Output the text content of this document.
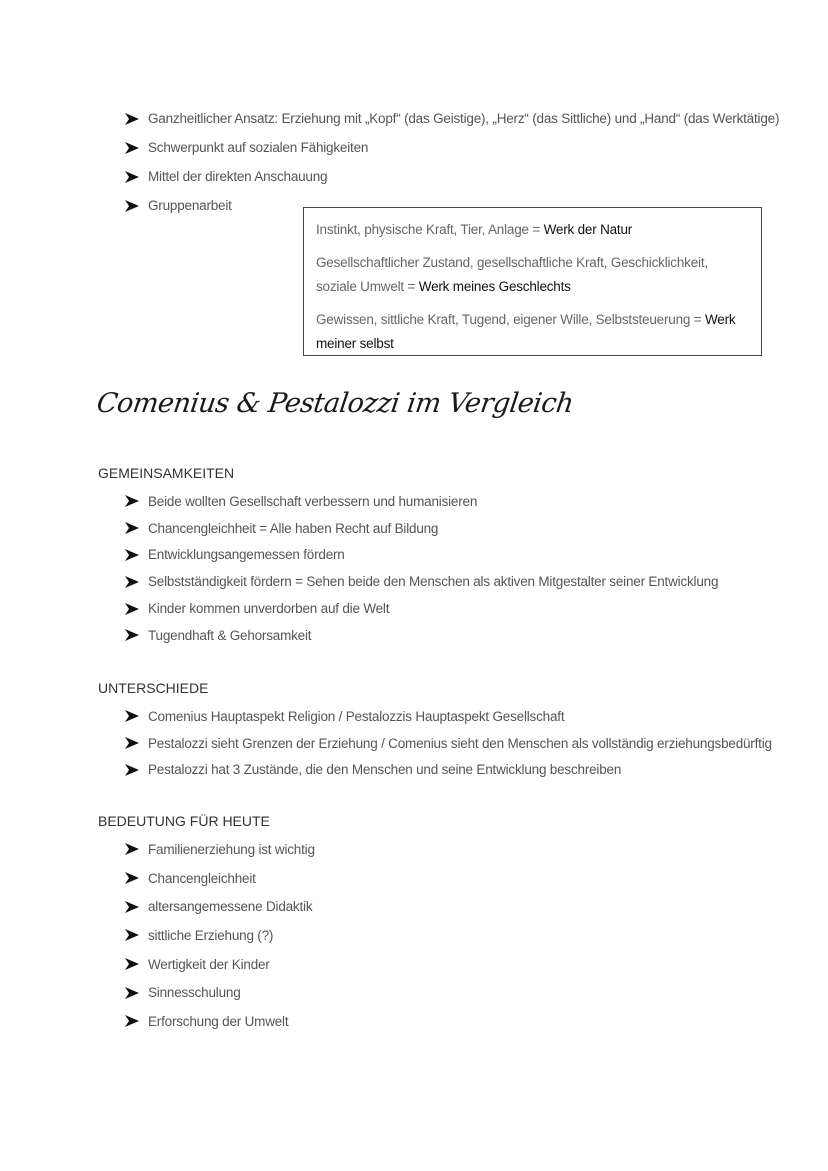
Ganzheitlicher Ansatz: Erziehung mit „Kopf“ (das Geistige), „Herz“ (das Sittliche) und „Hand“ (das Werktätige)
Schwerpunkt auf sozialen Fähigkeiten
Mittel der direkten Anschauung
Gruppenarbeit

Instinkt, physische Kraft, Tier, Anlage = Werk der Natur

Gesellschaftlicher Zustand, gesellschaftliche Kraft, Geschicklichkeit, soziale Umwelt = Werk meines Geschlechts

Gewissen, sittliche Kraft, Tugend, eigener Wille, Selbststeuerung = Werk meiner selbst

Comenius & Pestalozzi im Vergleich
GEMEINSAMKEITEN
Beide wollten Gesellschaft verbessern und humanisieren
Chancengleichheit = Alle haben Recht auf Bildung
Entwicklungsangemessen fördern
Selbstständigkeit fördern = Sehen beide den Menschen als aktiven Mitgestalter seiner Entwicklung
Kinder kommen unverdorben auf die Welt
Tugendhaft & Gehorsamkeit
UNTERSCHIEDE
Comenius Hauptaspekt Religion / Pestalozzis Hauptaspekt Gesellschaft
Pestalozzi sieht Grenzen der Erziehung / Comenius sieht den Menschen als vollständig erziehungsbedürftig
Pestalozzi hat 3 Zustände, die den Menschen und seine Entwicklung beschreiben
BEDEUTUNG FÜR HEUTE
Familienerziehung ist wichtig
Chancengleichheit
altersangemessene Didaktik
sittliche Erziehung (?)
Wertigkeit der Kinder
Sinnesschulung
Erforschung der Umwelt
